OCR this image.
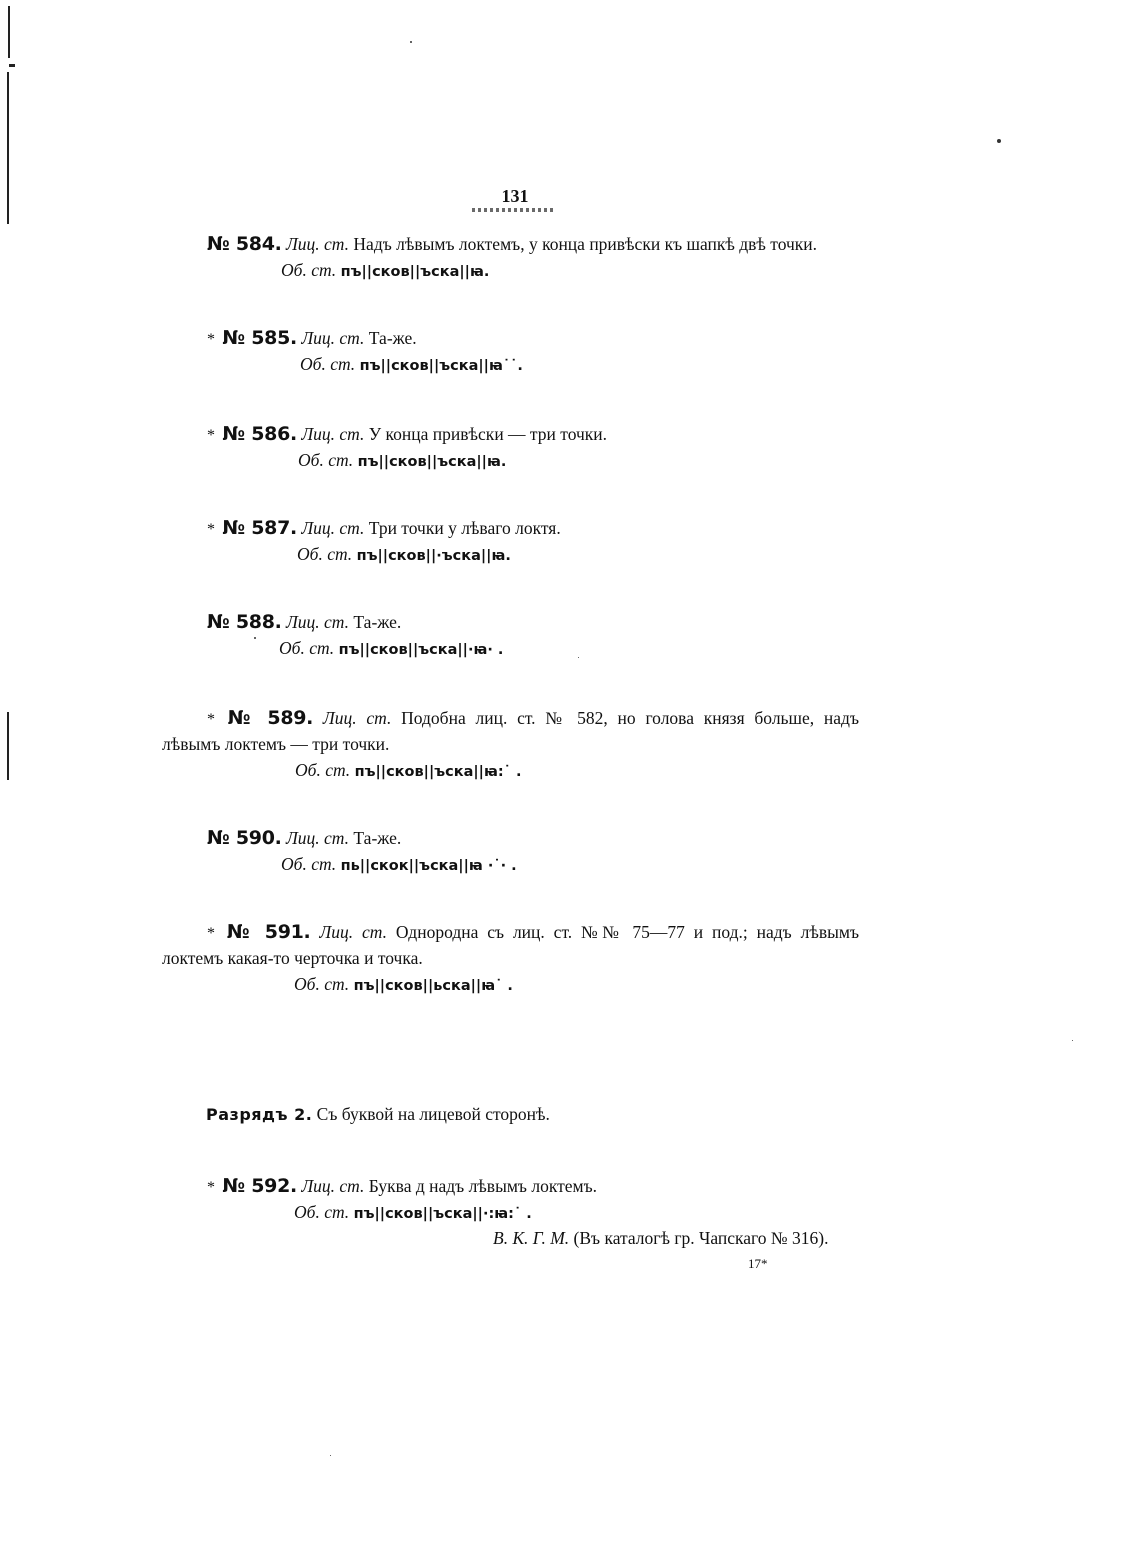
131
№ 584. Лиц. ст. Надъ лѣвымъ локтемъ, у конца привѣски къ шапкѣ двѣ точки.
Об. ст. пъ||сков||ъска||ꙗ.
* № 585. Лиц. ст. Та-же.
Об. ст. пъ||сков||ъска||ꙗ˙˙.
* № 586. Лиц. ст. У конца привѣски — три точки.
Об. ст. пъ||сков||ъска||ꙗ.
* № 587. Лиц. ст. Три точки у лѣваго локтя.
Об. ст. пъ||сков||·ъска||ꙗ.
№ 588. Лиц. ст. Та-же.
Об. ст. пъ||сков||ъска||·ꙗ· .
* № 589. Лиц. ст. Подобна лиц. ст. № 582, но голова князя больше, надъ
лѣвымъ локтемъ — три точки.
Об. ст. пъ||сков||ъска||ꙗ:˙ .
№ 590. Лиц. ст. Та-же.
Об. ст. пь||скок||ъска||ꙗ ·˙· .
* № 591. Лиц. ст. Однородна съ лиц. ст. №№ 75—77 и под.; надъ лѣвымъ
локтемъ какая-то черточка и точка.
Об. ст. пъ||сков||ьска||ꙗ˙ .
Разрядъ 2. Съ буквой на лицевой сторонѣ.
* № 592. Лиц. ст. Буква д надъ лѣвымъ локтемъ.
Об. ст. пъ||сков||ъска||·:ꙗ:˙ .
В. К. Г. М. (Въ каталогѣ гр. Чапскаго № 316).
17*
